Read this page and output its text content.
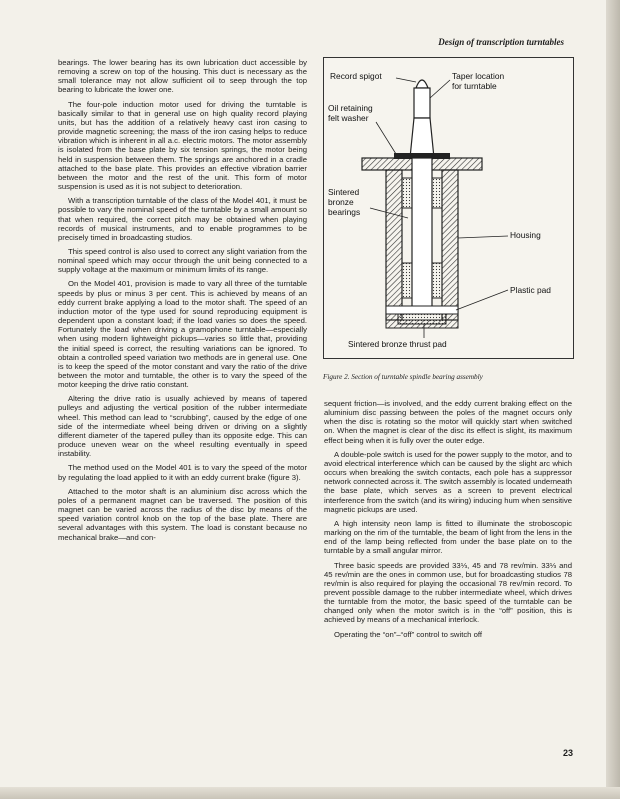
Design of transcription turntables

bearings. The lower bearing has its own lubrication duct accessible by removing a screw on top of the housing. This duct is necessary as the small tolerance may not allow sufficient oil to seep through the top bearing to lubricate the lower one.

The four-pole induction motor used for driving the turntable is basically similar to that in general use on high quality record playing units, but has the addition of a relatively heavy cast iron casing to provide magnetic screening; the mass of the iron casing helps to reduce vibration which is inherent in all a.c. electric motors. The motor assembly is isolated from the base plate by six tension springs, the motor being held in suspension between them. The springs are anchored in a cradle attached to the base plate. This provides an effective vibration barrier between the motor and the rest of the unit. This form of motor suspension is used as it is not subject to deterioration.

With a transcription turntable of the class of the Model 401, it must be possible to vary the nominal speed of the turntable by a small amount so that when required, the correct pitch may be obtained when playing records of musical instruments, and to enable programmes to be precisely timed in broadcasting studios.

This speed control is also used to correct any slight variation from the nominal speed which may occur through the unit being connected to a supply voltage at the maximum or minimum limits of its range.

On the Model 401, provision is made to vary all three of the turntable speeds by plus or minus 3 per cent. This is achieved by means of an eddy current brake applying a load to the motor shaft. The speed of an induction motor of the type used for sound reproducing equipment is dependent upon a constant load; if the load varies so does the speed. Fortunately the load when driving a gramophone turntable—especially when using modern lightweight pickups—varies so little that, providing the initial speed is correct, the resulting variations can be ignored. To obtain a controlled speed variation two methods are in general use. One is to keep the speed of the motor constant and vary the ratio of the drive between the motor and turntable, the other is to vary the speed of the motor keeping the drive ratio constant.

Altering the drive ratio is usually achieved by means of tapered pulleys and adjusting the vertical position of the rubber intermediate wheel. This method can lead to “scrubbing”, caused by the edge of one side of the intermediate wheel being driven or driving on a slightly different diameter of the tapered pulley than its opposite edge. This can produce uneven wear on the wheel resulting eventually in speed instability.

The method used on the Model 401 is to vary the speed of the motor by regulating the load applied to it with an eddy current brake (figure 3).

Attached to the motor shaft is an aluminium disc across which the poles of a permanent magnet can be traversed. The position of this magnet can be varied across the radius of the disc by means of the speed variation control knob on the top of the base plate. There are several advantages with this system. The load is constant because no mechanical brake—and con-

Record spigot	Taper location
for turntable
Oil retaining
felt washer
Sintered
bronze
bearings
Housing
Plastic pad
Sintered bronze thrust pad
Figure 2. Section of turntable spindle bearing assembly

sequent friction—is involved, and the eddy current braking effect on the aluminium disc passing between the poles of the magnet occurs only when the disc is rotating so the motor will quickly start when switched on. When the magnet is clear of the disc its effect is slight, its maximum effect being when it is fully over the outer edge.

A double-pole switch is used for the power supply to the motor, and to avoid electrical interference which can be caused by the slight arc which occurs when breaking the switch contacts, each pole has a suppressor network connected across it. The switch assembly is located underneath the base plate, which serves as a screen to prevent electrical interference from the switch (and its wiring) inducing hum when sensitive magnetic pickups are used.

A high intensity neon lamp is fitted to illuminate the stroboscopic marking on the rim of the turntable, the beam of light from the lens in the end of the lamp being reflected from under the base plate on to the turntable by a small angular mirror.

Three basic speeds are provided 33⅓, 45 and 78 rev/min. 33⅓ and 45 rev/min are the ones in common use, but for broadcasting studios 78 rev/min is also required for playing the occasional 78 rev/min record. To prevent possible damage to the rubber intermediate wheel, which drives the turntable from the motor, the basic speed of the turntable can be changed only when the motor switch is in the “off” position, this is achieved by means of a mechanical interlock.

Operating the “on”–“off” control to switch off

23
